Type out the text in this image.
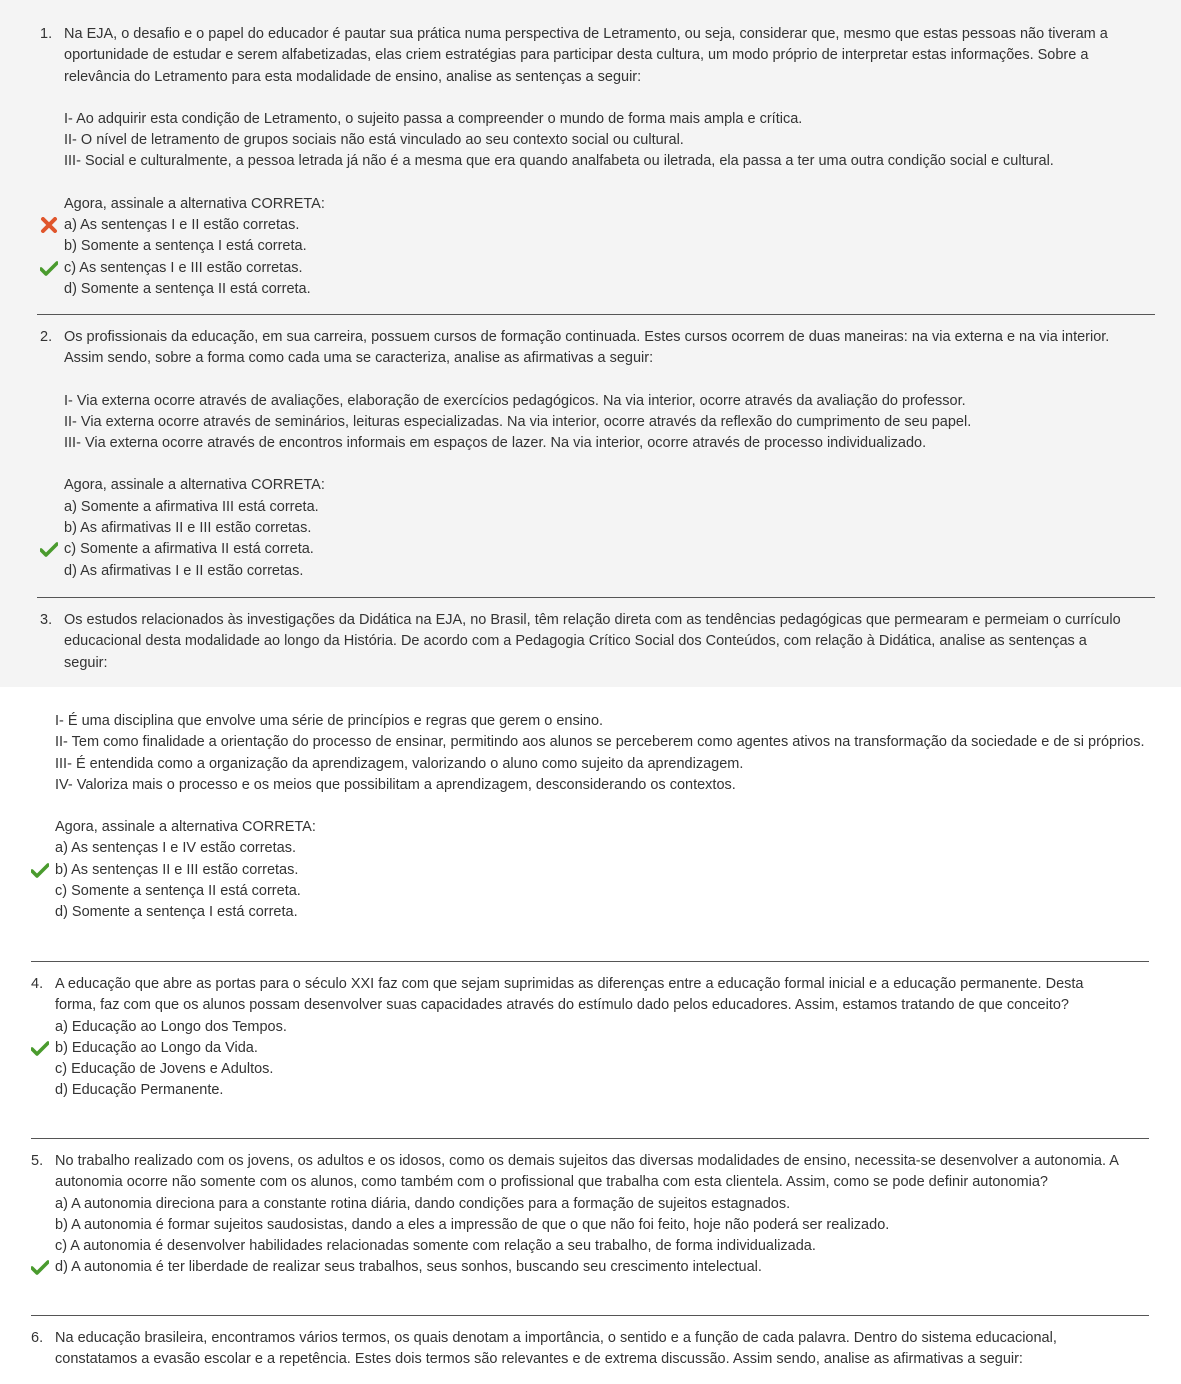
1. Na EJA, o desafio e o papel do educador é pautar sua prática numa perspectiva de Letramento, ou seja, considerar que, mesmo que estas pessoas não tiveram a oportunidade de estudar e serem alfabetizadas, elas criem estratégias para participar desta cultura, um modo próprio de interpretar estas informações. Sobre a relevância do Letramento para esta modalidade de ensino, analise as sentenças a seguir:

I- Ao adquirir esta condição de Letramento, o sujeito passa a compreender o mundo de forma mais ampla e crítica.

II- O nível de letramento de grupos sociais não está vinculado ao seu contexto social ou cultural.

III- Social e culturalmente, a pessoa letrada já não é a mesma que era quando analfabeta ou iletrada, ela passa a ter uma outra condição social e cultural.

Agora, assinale a alternativa CORRETA:

a) As sentenças I e II estão corretas.
b) Somente a sentença I está correta.
c) As sentenças I e III estão corretas.
d) Somente a sentença II está correta.
2. Os profissionais da educação, em sua carreira, possuem cursos de formação continuada. Estes cursos ocorrem de duas maneiras: na via externa e na via interior. Assim sendo, sobre a forma como cada uma se caracteriza, analise as afirmativas a seguir:

I- Via externa ocorre através de avaliações, elaboração de exercícios pedagógicos. Na via interior, ocorre através da avaliação do professor.

II- Via externa ocorre através de seminários, leituras especializadas. Na via interior, ocorre através da reflexão do cumprimento de seu papel.

III- Via externa ocorre através de encontros informais em espaços de lazer. Na via interior, ocorre através de processo individualizado.

Agora, assinale a alternativa CORRETA:

a) Somente a afirmativa III está correta.
b) As afirmativas II e III estão corretas.
c) Somente a afirmativa II está correta.
d) As afirmativas I e II estão corretas.
3. Os estudos relacionados às investigações da Didática na EJA, no Brasil, têm relação direta com as tendências pedagógicas que permearam e permeiam o currículo educacional desta modalidade ao longo da História. De acordo com a Pedagogia Crítico Social dos Conteúdos, com relação à Didática, analise as sentenças a seguir:

I- É uma disciplina que envolve uma série de princípios e regras que gerem o ensino.

II- Tem como finalidade a orientação do processo de ensinar, permitindo aos alunos se perceberem como agentes ativos na transformação da sociedade e de si próprios.

III- É entendida como a organização da aprendizagem, valorizando o aluno como sujeito da aprendizagem.

IV- Valoriza mais o processo e os meios que possibilitam a aprendizagem, desconsiderando os contextos.

Agora, assinale a alternativa CORRETA:

a) As sentenças I e IV estão corretas.
b) As sentenças II e III estão corretas.
c) Somente a sentença II está correta.
d) Somente a sentença I está correta.
4. A educação que abre as portas para o século XXI faz com que sejam suprimidas as diferenças entre a educação formal inicial e a educação permanente. Desta forma, faz com que os alunos possam desenvolver suas capacidades através do estímulo dado pelos educadores. Assim, estamos tratando de que conceito?

a) Educação ao Longo dos Tempos.
b) Educação ao Longo da Vida.
c) Educação de Jovens e Adultos.
d) Educação Permanente.
5. No trabalho realizado com os jovens, os adultos e os idosos, como os demais sujeitos das diversas modalidades de ensino, necessita-se desenvolver a autonomia. A autonomia ocorre não somente com os alunos, como também com o profissional que trabalha com esta clientela. Assim, como se pode definir autonomia?

a) A autonomia direciona para a constante rotina diária, dando condições para a formação de sujeitos estagnados.
b) A autonomia é formar sujeitos saudosistas, dando a eles a impressão de que o que não foi feito, hoje não poderá ser realizado.
c) A autonomia é desenvolver habilidades relacionadas somente com relação a seu trabalho, de forma individualizada.
d) A autonomia é ter liberdade de realizar seus trabalhos, seus sonhos, buscando seu crescimento intelectual.
6. Na educação brasileira, encontramos vários termos, os quais denotam a importância, o sentido e a função de cada palavra. Dentro do sistema educacional, constatamos a evasão escolar e a repetência. Estes dois termos são relevantes e de extrema discussão. Assim sendo, analise as afirmativas a seguir:
